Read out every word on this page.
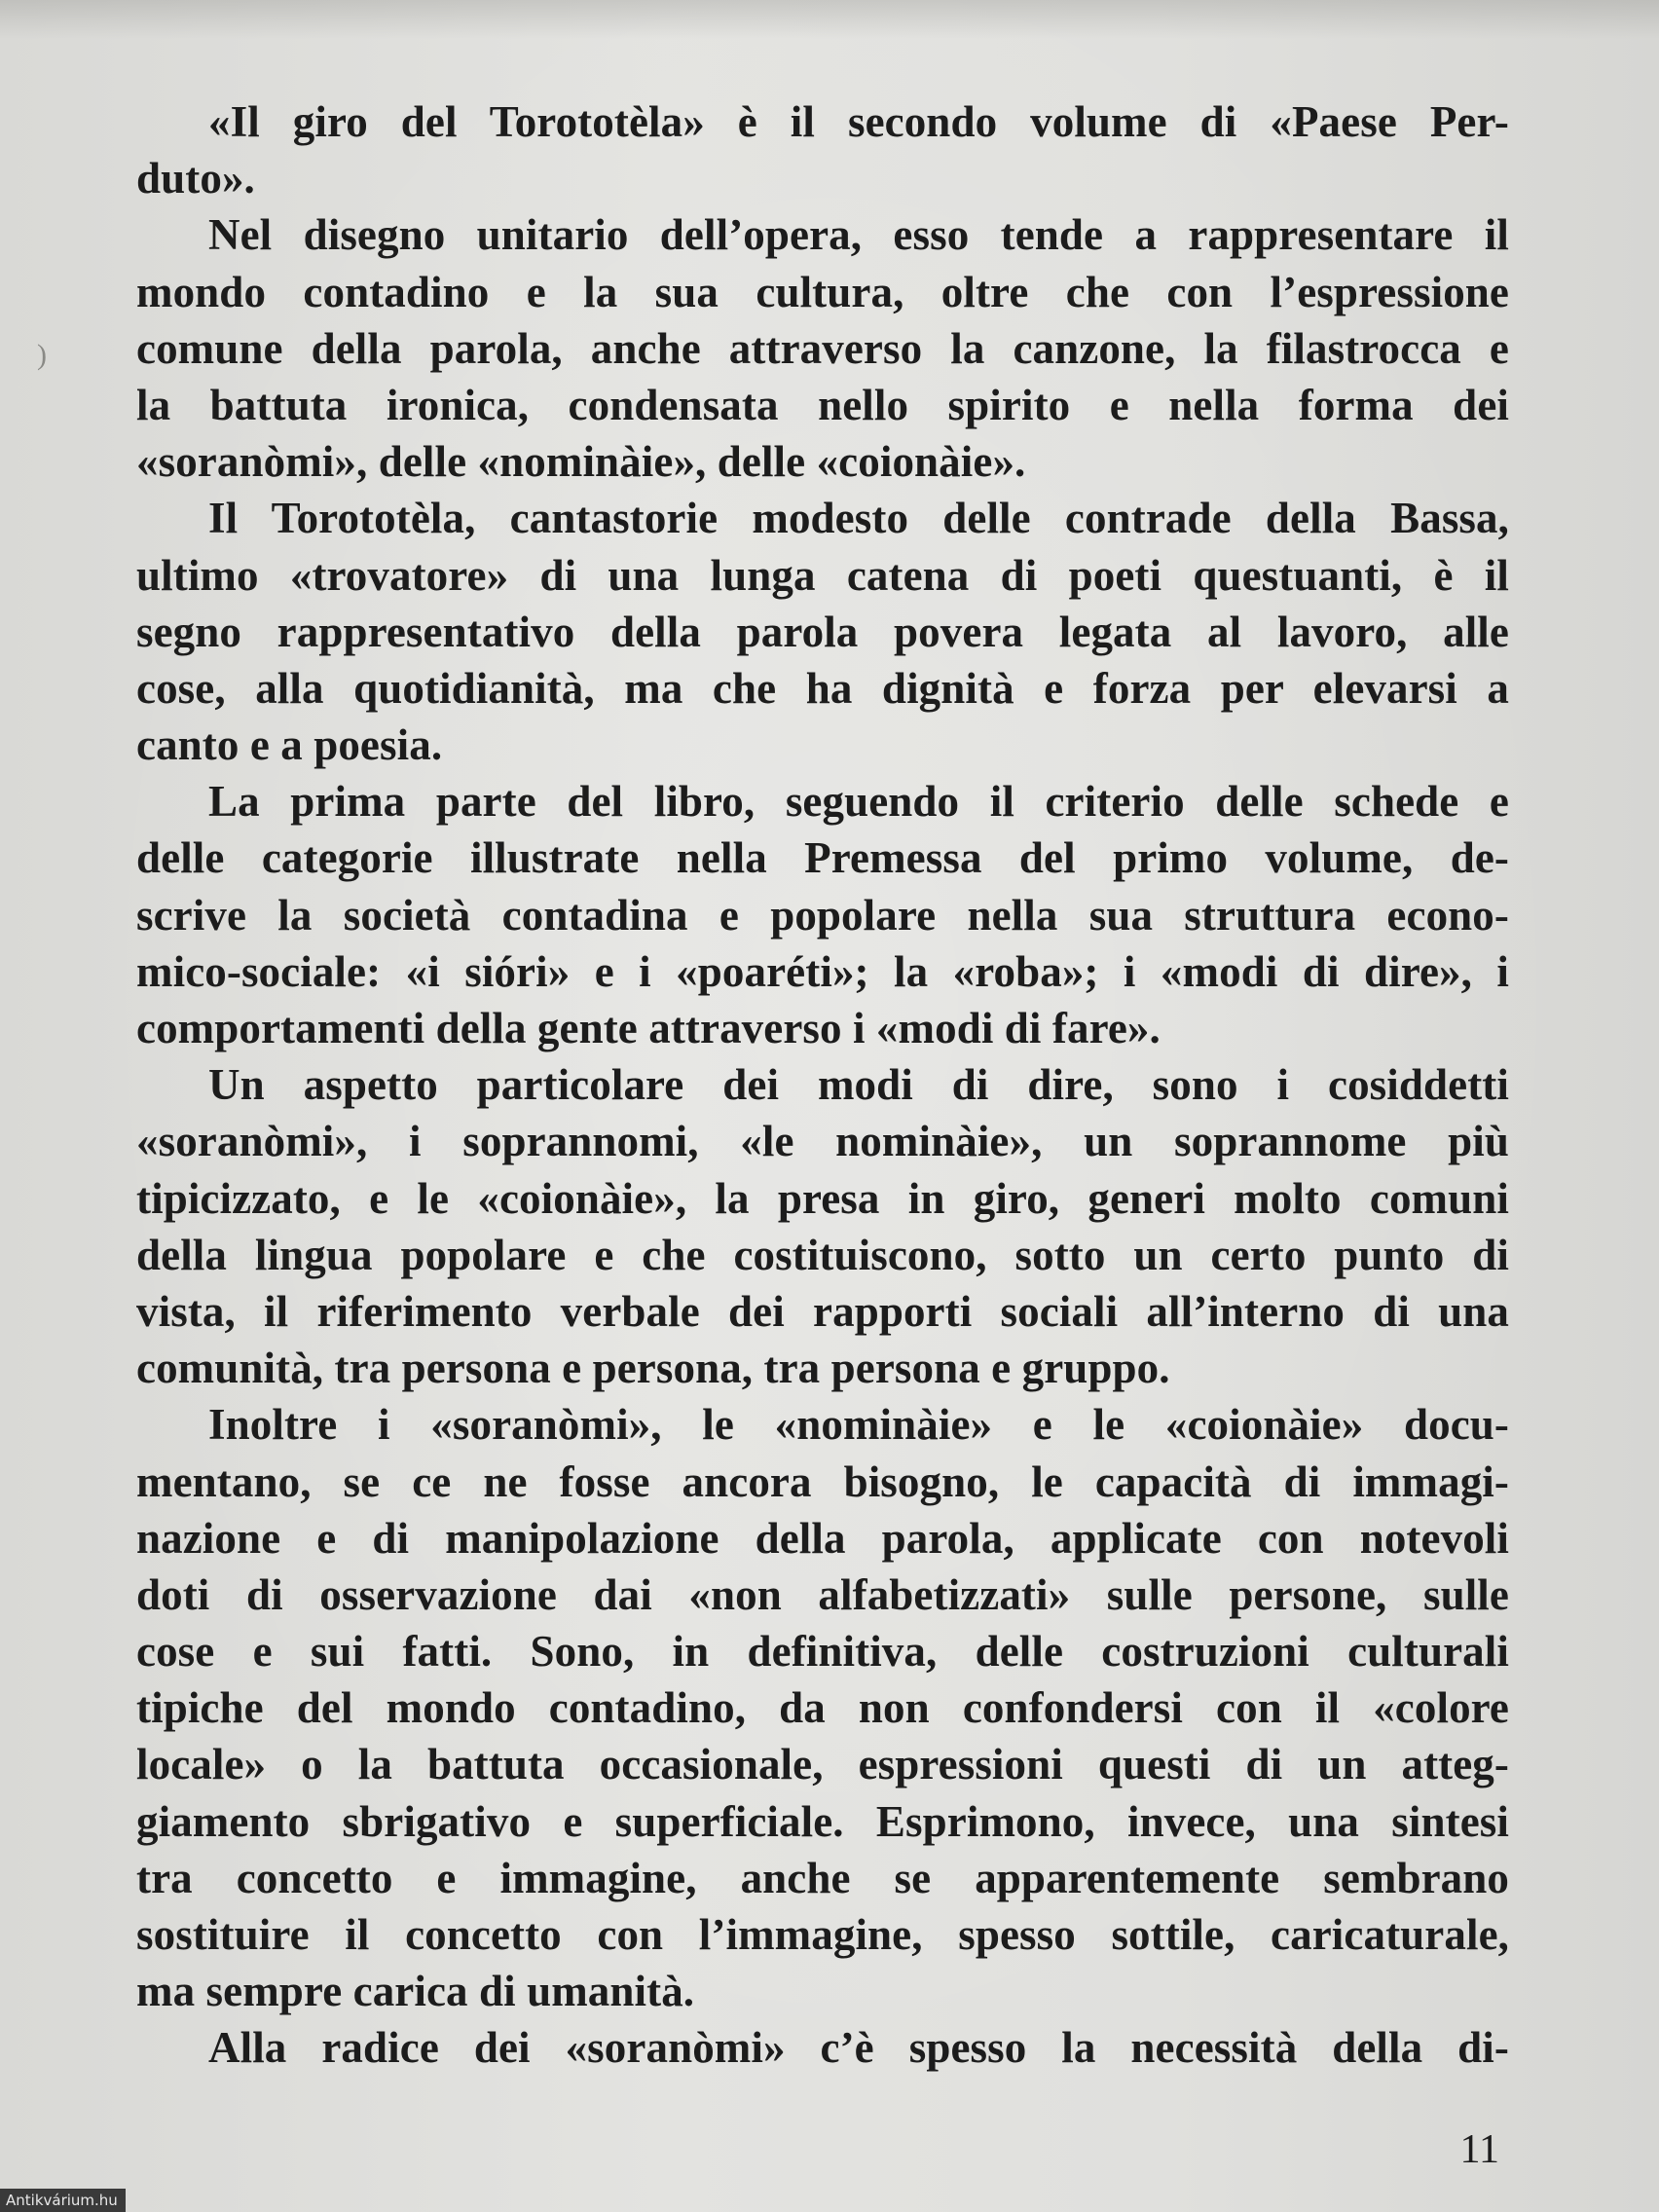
)
«Il giro del Torototèla» è il secondo volume di «Paese Per-
duto».
Nel disegno unitario dell’opera, esso tende a rappresentare il
mondo contadino e la sua cultura, oltre che con l’espressione
comune della parola, anche attraverso la canzone, la filastrocca e
la battuta ironica, condensata nello spirito e nella forma dei
«soranòmi», delle «nominàie», delle «coionàie».
Il Torototèla, cantastorie modesto delle contrade della Bassa,
ultimo «trovatore» di una lunga catena di poeti questuanti, è il
segno rappresentativo della parola povera legata al lavoro, alle
cose, alla quotidianità, ma che ha dignità e forza per elevarsi a
canto e a poesia.
La prima parte del libro, seguendo il criterio delle schede e
delle categorie illustrate nella Premessa del primo volume, de-
scrive la società contadina e popolare nella sua struttura econo-
mico-sociale: «i sióri» e i «poaréti»; la «roba»; i «modi di dire», i
comportamenti della gente attraverso i «modi di fare».
Un aspetto particolare dei modi di dire, sono i cosiddetti
«soranòmi», i soprannomi, «le nominàie», un soprannome più
tipicizzato, e le «coionàie», la presa in giro, generi molto comuni
della lingua popolare e che costituiscono, sotto un certo punto di
vista, il riferimento verbale dei rapporti sociali all’interno di una
comunità, tra persona e persona, tra persona e gruppo.
Inoltre i «soranòmi», le «nominàie» e le «coionàie» docu-
mentano, se ce ne fosse ancora bisogno, le capacità di immagi-
nazione e di manipolazione della parola, applicate con notevoli
doti di osservazione dai «non alfabetizzati» sulle persone, sulle
cose e sui fatti. Sono, in definitiva, delle costruzioni culturali
tipiche del mondo contadino, da non confondersi con il «colore
locale» o la battuta occasionale, espressioni questi di un atteg-
giamento sbrigativo e superficiale. Esprimono, invece, una sintesi
tra concetto e immagine, anche se apparentemente sembrano
sostituire il concetto con l’immagine, spesso sottile, caricaturale,
ma sempre carica di umanità.
Alla radice dei «soranòmi» c’è spesso la necessità della di-
11
Antikvárium.hu
